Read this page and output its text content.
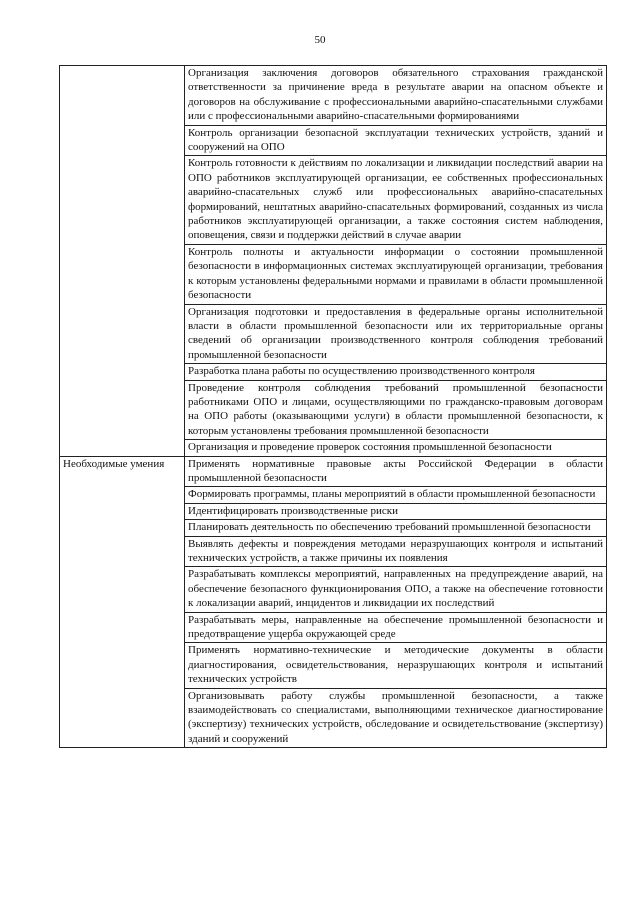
50
	Организация заключения договоров обязательного страхования гражданской ответственности за причинение вреда в результате аварии на опасном объекте и договоров на обслуживание с профессиональными аварийно-спасательными службами или с профессиональными аварийно-спасательными формированиями
	Контроль организации безопасной эксплуатации технических устройств, зданий и сооружений на ОПО
	Контроль готовности к действиям по локализации и ликвидации последствий аварии на ОПО работников эксплуатирующей организации, ее собственных профессиональных аварийно-спасательных служб или профессиональных аварийно-спасательных формирований, нештатных аварийно-спасательных формирований, созданных из числа работников эксплуатирующей организации, а также состояния систем наблюдения, оповещения, связи и поддержки действий в случае аварии
	Контроль полноты и актуальности информации о состоянии промышленной безопасности в информационных системах эксплуатирующей организации, требования к которым установлены федеральными нормами и правилами в области промышленной безопасности
	Организация подготовки и предоставления в федеральные органы исполнительной власти в области промышленной безопасности или их территориальные органы сведений об организации производственного контроля соблюдения требований промышленной безопасности
	Разработка плана работы по осуществлению производственного контроля
	Проведение контроля соблюдения требований промышленной безопасности работниками ОПО и лицами, осуществляющими по гражданско-правовым договорам на ОПО работы (оказывающими услуги) в области промышленной безопасности, к которым установлены требования промышленной безопасности
	Организация и проведение проверок состояния промышленной безопасности
Необходимые умения	Применять нормативные правовые акты Российской Федерации в области промышленной безопасности
	Формировать программы, планы мероприятий в области промышленной безопасности
	Идентифицировать производственные риски
	Планировать деятельность по обеспечению требований промышленной безопасности
	Выявлять дефекты и повреждения методами неразрушающих контроля и испытаний технических устройств, а также причины их появления
	Разрабатывать комплексы мероприятий, направленных на предупреждение аварий, на обеспечение безопасного функционирования ОПО, а также на обеспечение готовности к локализации аварий, инцидентов и ликвидации их последствий
	Разрабатывать меры, направленные на обеспечение промышленной безопасности и предотвращение ущерба окружающей среде
	Применять нормативно-технические и методические документы в области диагностирования, освидетельствования, неразрушающих контроля и испытаний технических устройств
	Организовывать работу службы промышленной безопасности, а также взаимодействовать со специалистами, выполняющими техническое диагностирование (экспертизу) технических устройств, обследование и освидетельствование (экспертизу) зданий и сооружений
